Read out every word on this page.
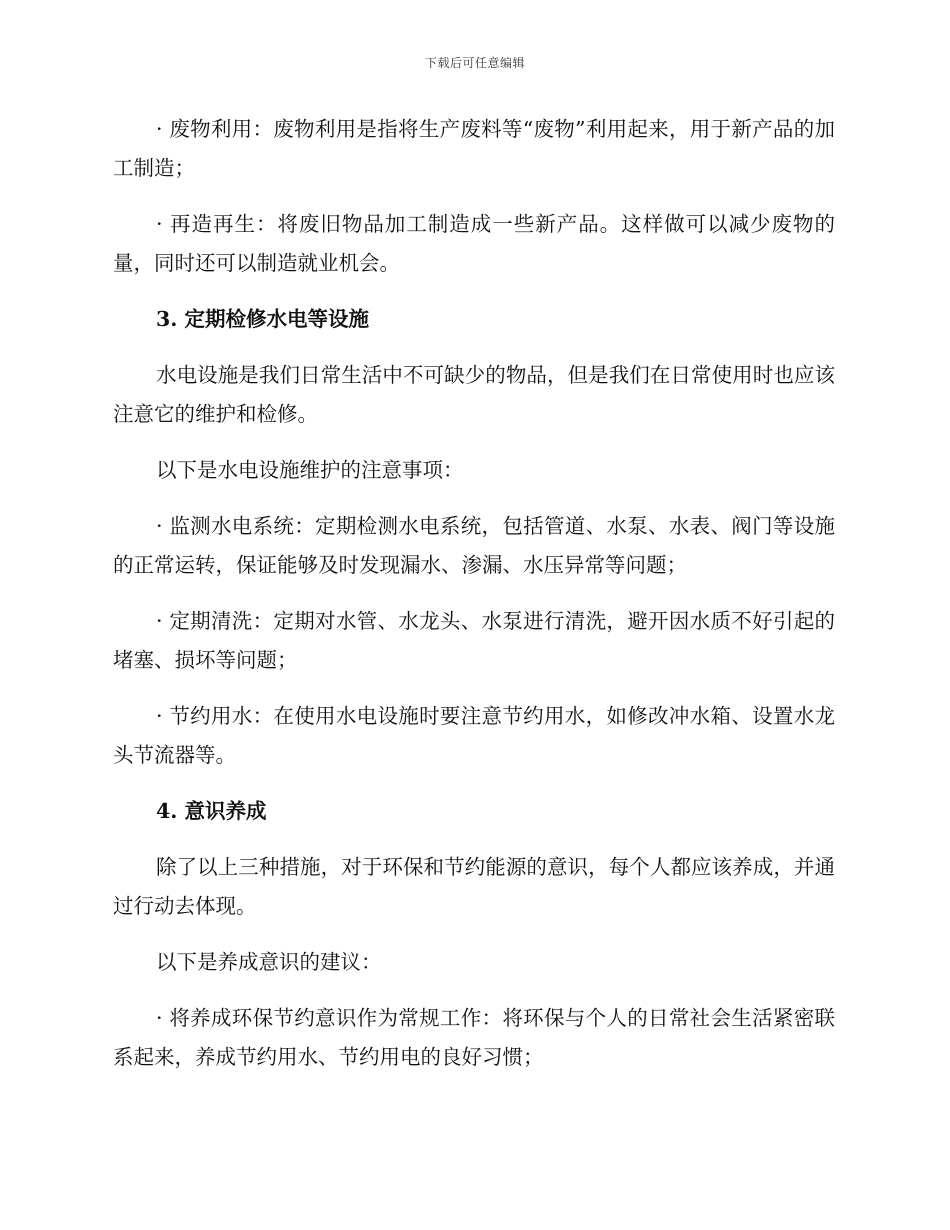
下载后可任意编辑

· 废物利用：废物利用是指将生产废料等“废物”利用起来，用于新产品的加工制造；

· 再造再生：将废旧物品加工制造成一些新产品。这样做可以减少废物的量，同时还可以制造就业机会。

3. 定期检修水电等设施

水电设施是我们日常生活中不可缺少的物品，但是我们在日常使用时也应该注意它的维护和检修。

以下是水电设施维护的注意事项：

· 监测水电系统：定期检测水电系统，包括管道、水泵、水表、阀门等设施的正常运转，保证能够及时发现漏水、渗漏、水压异常等问题；

· 定期清洗：定期对水管、水龙头、水泵进行清洗，避开因水质不好引起的堵塞、损坏等问题；

· 节约用水：在使用水电设施时要注意节约用水，如修改冲水箱、设置水龙头节流器等。

4. 意识养成

除了以上三种措施，对于环保和节约能源的意识，每个人都应该养成，并通过行动去体现。

以下是养成意识的建议：

· 将养成环保节约意识作为常规工作：将环保与个人的日常社会生活紧密联系起来，养成节约用水、节约用电的良好习惯；
